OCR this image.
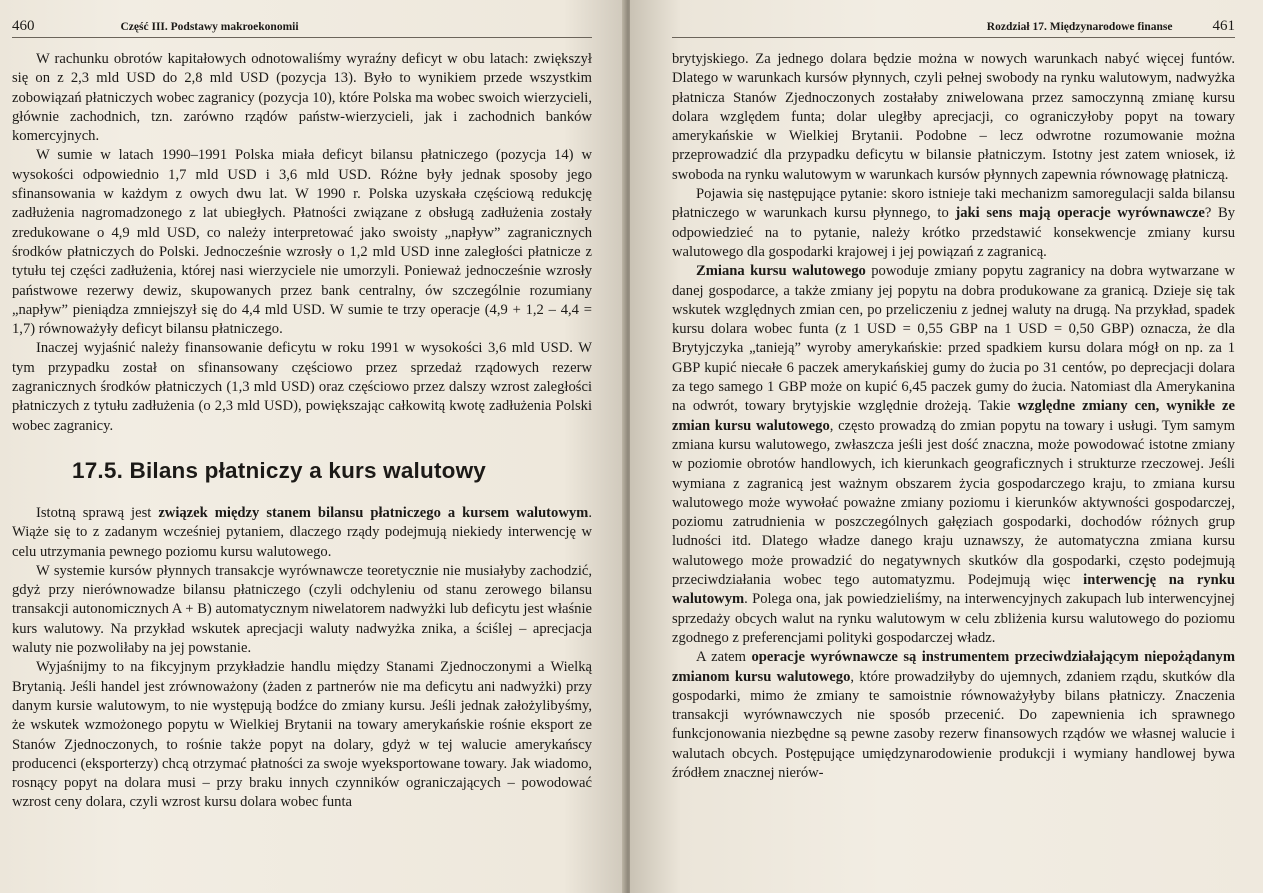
460	Część III. Podstawy makroekonomii

W rachunku obrotów kapitałowych odnotowaliśmy wyraźny deficyt w obu latach: zwiększył się on z 2,3 mld USD do 2,8 mld USD (pozycja 13). Było to wynikiem przede wszystkim zobowiązań płatniczych wobec zagranicy (pozycja 10), które Polska ma wobec swoich wierzycieli, głównie zachodnich, tzn. zarówno rządów państw-wierzycieli, jak i zachodnich banków komercyjnych.

W sumie w latach 1990–1991 Polska miała deficyt bilansu płatniczego (pozycja 14) w wysokości odpowiednio 1,7 mld USD i 3,6 mld USD. Różne były jednak sposoby jego sfinansowania w każdym z owych dwu lat. W 1990 r. Polska uzyskała częściową redukcję zadłużenia nagromadzonego z lat ubiegłych. Płatności związane z obsługą zadłużenia zostały zredukowane o 4,9 mld USD, co należy interpretować jako swoisty „napływ” zagranicznych środków płatniczych do Polski. Jednocześnie wzrosły o 1,2 mld USD inne zaległości płatnicze z tytułu tej części zadłużenia, której nasi wierzyciele nie umorzyli. Ponieważ jednocześnie wzrosły państwowe rezerwy dewiz, skupowanych przez bank centralny, ów szczególnie rozumiany „napływ” pieniądza zmniejszył się do 4,4 mld USD. W sumie te trzy operacje (4,9 + 1,2 – 4,4 = 1,7) równoważyły deficyt bilansu płatniczego.

Inaczej wyjaśnić należy finansowanie deficytu w roku 1991 w wysokości 3,6 mld USD. W tym przypadku został on sfinansowany częściowo przez sprzedaż rządowych rezerw zagranicznych środków płatniczych (1,3 mld USD) oraz częściowo przez dalszy wzrost zaległości płatniczych z tytułu zadłużenia (o 2,3 mld USD), powiększając całkowitą kwotę zadłużenia Polski wobec zagranicy.

17.5. Bilans płatniczy a kurs walutowy

Istotną sprawą jest związek między stanem bilansu płatniczego a kursem walutowym. Wiąże się to z zadanym wcześniej pytaniem, dlaczego rządy podejmują niekiedy interwencję w celu utrzymania pewnego poziomu kursu walutowego.

W systemie kursów płynnych transakcje wyrównawcze teoretycznie nie musiałyby zachodzić, gdyż przy nierównowadze bilansu płatniczego (czyli odchyleniu od stanu zerowego bilansu transakcji autonomicznych A + B) automatycznym niwelatorem nadwyżki lub deficytu jest właśnie kurs walutowy. Na przykład wskutek aprecjacji waluty nadwyżka znika, a ściślej – aprecjacja waluty nie pozwoliłaby na jej powstanie.

Wyjaśnijmy to na fikcyjnym przykładzie handlu między Stanami Zjednoczonymi a Wielką Brytanią. Jeśli handel jest zrównoważony (żaden z partnerów nie ma deficytu ani nadwyżki) przy danym kursie walutowym, to nie występują bodźce do zmiany kursu. Jeśli jednak założylibyśmy, że wskutek wzmożonego popytu w Wielkiej Brytanii na towary amerykańskie rośnie eksport ze Stanów Zjednoczonych, to rośnie także popyt na dolary, gdyż w tej walucie amerykańscy producenci (eksporterzy) chcą otrzymać płatności za swoje wyeksportowane towary. Jak wiadomo, rosnący popyt na dolara musi – przy braku innych czynników ograniczających – powodować wzrost ceny dolara, czyli wzrost kursu dolara wobec funta

Rozdział 17. Międzynarodowe finanse	461

brytyjskiego. Za jednego dolara będzie można w nowych warunkach nabyć więcej funtów. Dlatego w warunkach kursów płynnych, czyli pełnej swobody na rynku walutowym, nadwyżka płatnicza Stanów Zjednoczonych zostałaby zniwelowana przez samoczynną zmianę kursu dolara względem funta; dolar uległby aprecjacji, co ograniczyłoby popyt na towary amerykańskie w Wielkiej Brytanii. Podobne – lecz odwrotne rozumowanie można przeprowadzić dla przypadku deficytu w bilansie płatniczym. Istotny jest zatem wniosek, iż swoboda na rynku walutowym w warunkach kursów płynnych zapewnia równowagę płatniczą.

Pojawia się następujące pytanie: skoro istnieje taki mechanizm samoregulacji salda bilansu płatniczego w warunkach kursu płynnego, to jaki sens mają operacje wyrównawcze? By odpowiedzieć na to pytanie, należy krótko przedstawić konsekwencje zmiany kursu walutowego dla gospodarki krajowej i jej powiązań z zagranicą.

Zmiana kursu walutowego powoduje zmiany popytu zagranicy na dobra wytwarzane w danej gospodarce, a także zmiany jej popytu na dobra produkowane za granicą. Dzieje się tak wskutek względnych zmian cen, po przeliczeniu z jednej waluty na drugą. Na przykład, spadek kursu dolara wobec funta (z 1 USD = 0,55 GBP na 1 USD = 0,50 GBP) oznacza, że dla Brytyjczyka „tanieją” wyroby amerykańskie: przed spadkiem kursu dolara mógł on np. za 1 GBP kupić niecałe 6 paczek amerykańskiej gumy do żucia po 31 centów, po deprecjacji dolara za tego samego 1 GBP może on kupić 6,45 paczek gumy do żucia. Natomiast dla Amerykanina na odwrót, towary brytyjskie względnie drożeją. Takie względne zmiany cen, wynikłe ze zmian kursu walutowego, często prowadzą do zmian popytu na towary i usługi. Tym samym zmiana kursu walutowego, zwłaszcza jeśli jest dość znaczna, może powodować istotne zmiany w poziomie obrotów handlowych, ich kierunkach geograficznych i strukturze rzeczowej. Jeśli wymiana z zagranicą jest ważnym obszarem życia gospodarczego kraju, to zmiana kursu walutowego może wywołać poważne zmiany poziomu i kierunków aktywności gospodarczej, poziomu zatrudnienia w poszczególnych gałęziach gospodarki, dochodów różnych grup ludności itd. Dlatego władze danego kraju uznawszy, że automatyczna zmiana kursu walutowego może prowadzić do negatywnych skutków dla gospodarki, często podejmują przeciwdziałania wobec tego automatyzmu. Podejmują więc interwencję na rynku walutowym. Polega ona, jak powiedzieliśmy, na interwencyjnych zakupach lub interwencyjnej sprzedaży obcych walut na rynku walutowym w celu zbliżenia kursu walutowego do poziomu zgodnego z preferencjami polityki gospodarczej władz.

A zatem operacje wyrównawcze są instrumentem przeciwdziałającym niepożądanym zmianom kursu walutowego, które prowadziłyby do ujemnych, zdaniem rządu, skutków dla gospodarki, mimo że zmiany te samoistnie równoważyłyby bilans płatniczy. Znaczenia transakcji wyrównawczych nie sposób przecenić. Do zapewnienia ich sprawnego funkcjonowania niezbędne są pewne zasoby rezerw finansowych rządów we własnej walucie i walutach obcych. Postępujące umiędzynarodowienie produkcji i wymiany handlowej bywa źródłem znacznej nierów-
